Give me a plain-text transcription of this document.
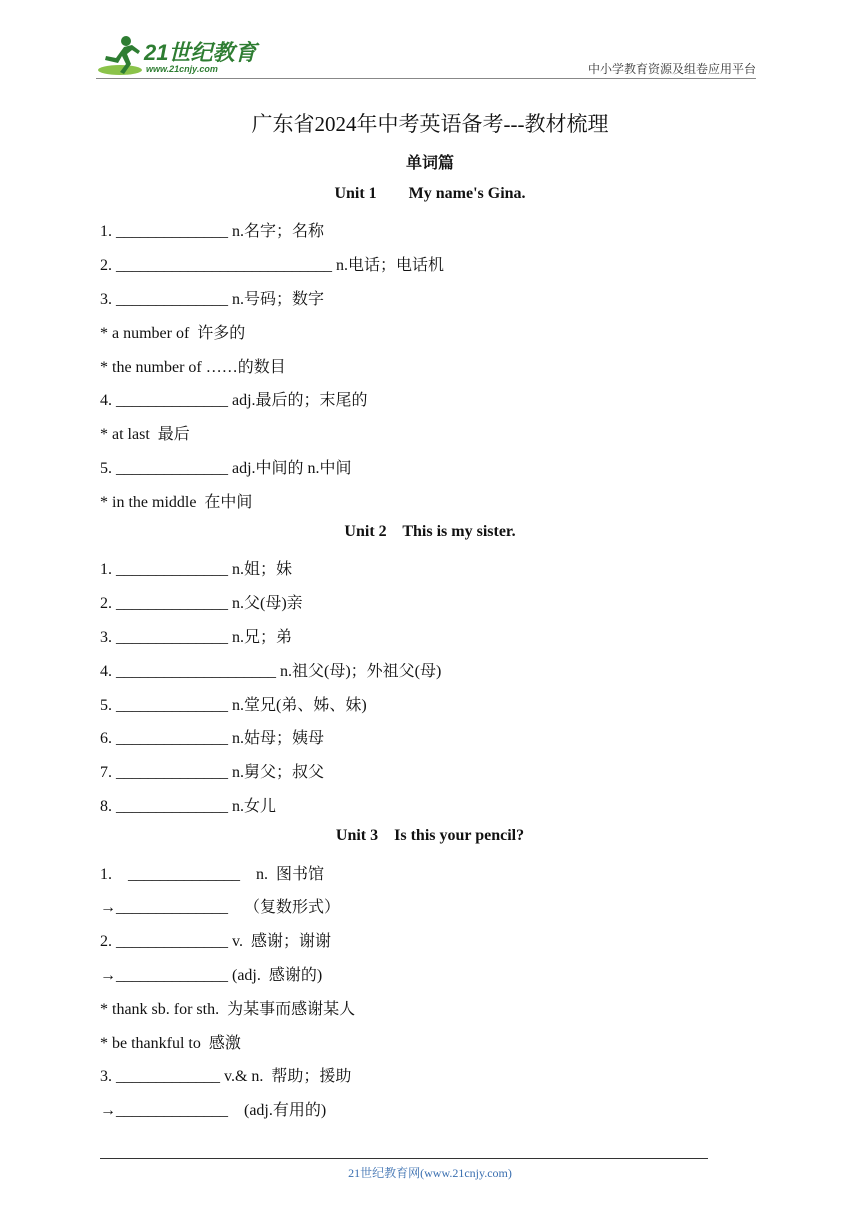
21世纪教育
www.21cnjy.com	中小学教育资源及组卷应用平台
广东省2024年中考英语备考---教材梳理
单词篇
Unit 1        My name's Gina.
1. ______________ n.名字；名称
2. ___________________________ n.电话；电话机
3. ______________ n.号码；数字
* a number of  许多的
* the number of ……的数目
4. ______________ adj.最后的；末尾的
* at last  最后
5. ______________ adj.中间的 n.中间
* in the middle  在中间
Unit 2    This is my sister.
1. ______________ n.姐；妹
2. ______________ n.父(母)亲
3. ______________ n.兄；弟
4. ____________________ n.祖父(母)；外祖父(母)
5. ______________ n.堂兄(弟、姊、妹)
6. ______________ n.姑母；姨母
7. ______________ n.舅父；叔父
8. ______________ n.女儿
Unit 3    Is this your pencil?
1.    ______________    n.  图书馆
→______________    （复数形式）
2. ______________ v.  感谢；谢谢
→______________ (adj.  感谢的)
* thank sb. for sth.  为某事而感谢某人
* be thankful to  感激
3. _____________ v.& n.  帮助；援助
→______________    (adj.有用的)
21世纪教育网(www.21cnjy.com)
